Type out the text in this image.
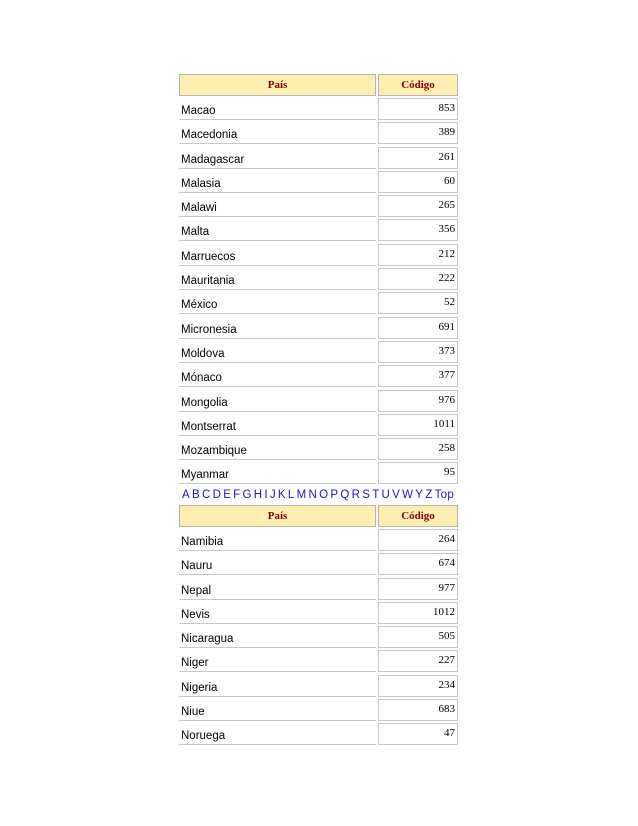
País	Código
Macao	853
Macedonia	389
Madagascar	261
Malasia	60
Malawi	265
Malta	356
Marruecos	212
Mauritania	222
México	52
Micronesia	691
Moldova	373
Mónaco	377
Mongolia	976
Montserrat	1011
Mozambique	258
Myanmar	95
A B C D E F G H I J K L M N O P Q R S T U V W Y Z Top
País	Código
Namibia	264
Nauru	674
Nepal	977
Nevis	1012
Nicaragua	505
Niger	227
Nigeria	234
Niue	683
Noruega	47
